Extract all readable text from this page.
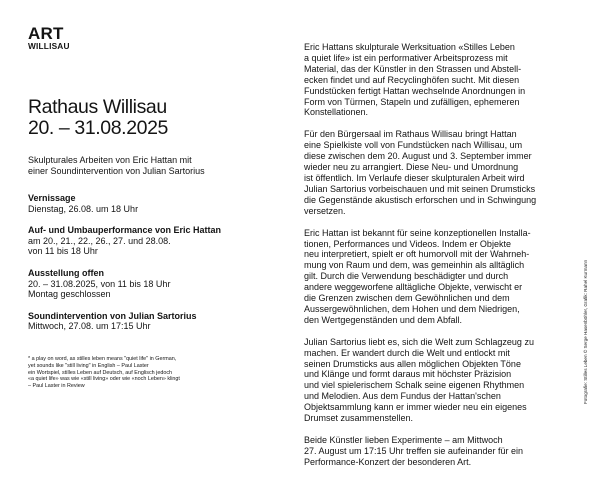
ART
WILLISAU
Rathaus Willisau
20. – 31.08.2025
Skulpturales Arbeiten von Eric Hattan mit
einer Soundintervention von Julian Sartorius
Vernissage
Dienstag, 26.08. um 18 Uhr
Auf- und Umbauperformance von Eric Hattan
am 20., 21., 22., 26., 27. und 28.08.
von 11 bis 18 Uhr
Ausstellung offen
20. – 31.08.2025, von 11 bis 18 Uhr
Montag geschlossen
Soundintervention von Julian Sartorius
Mittwoch, 27.08. um 17:15 Uhr
* a play on word, as stilles leben means "quiet life" in German,
yet sounds like "still living" in English – Paul Laster
ein Wortspiel, stilles Leben auf Deutsch, auf Englisch jedoch
«a quiet life» was wie «still living» oder wie «noch Leben» klingt
– Paul Laster in Review
Eric Hattans skulpturale Werksituation «Stilles Leben
a quiet life» ist ein performativer Arbeitsprozess mit
Material, das der Künstler in den Strassen und Abstell-
ecken findet und auf Recyclinghöfen sucht. Mit diesen
Fundstücken fertigt Hattan wechselnde Anordnungen in
Form von Türmen, Stapeln und zufälligen, ephemeren
Konstellationen.
Für den Bürgersaal im Rathaus Willisau bringt Hattan
eine Spielkiste voll von Fundstücken nach Willisau, um
diese zwischen dem 20. August und 3. September immer
wieder neu zu arrangiert. Diese Neu- und Umordnung
ist öffentlich. Im Verlaufe dieser skulpturalen Arbeit wird
Julian Sartorius vorbeischauen und mit seinen Drumsticks
die Gegenstände akustisch erforschen und in Schwingung
versetzen.
Eric Hattan ist bekannt für seine konzeptionellen Installa-
tionen, Performances und Videos. Indem er Objekte
neu interpretiert, spielt er oft humorvoll mit der Wahrneh-
mung von Raum und dem, was gemeinhin als alltäglich
gilt. Durch die Verwendung beschädigter und durch
andere weggeworfene alltägliche Objekte, verwischt er
die Grenzen zwischen dem Gewöhnlichen und dem
Aussergewöhnlichen, dem Hohen und dem Niedrigen,
den Wertgegenständen und dem Abfall.
Julian Sartorius liebt es, sich die Welt zum Schlagzeug zu
machen. Er wandert durch die Welt und entlockt mit
seinen Drumsticks aus allen möglichen Objekten Töne
und Klänge und formt daraus mit höchster Präzision
und viel spielerischem Schalk seine eigenen Rhythmen
und Melodien. Aus dem Fundus der Hattan'schen
Objektsammlung kann er immer wieder neu ein eigenes
Drumset zusammenstellen.
Beide Künstler lieben Experimente – am Mittwoch
27. August um 17:15 Uhr treffen sie aufeinander für ein
Performance-Konzert der besonderen Art.
Fotografie: Stilles Leben © Serge Hasenböhler, Grafik: Rahel Kurmann
